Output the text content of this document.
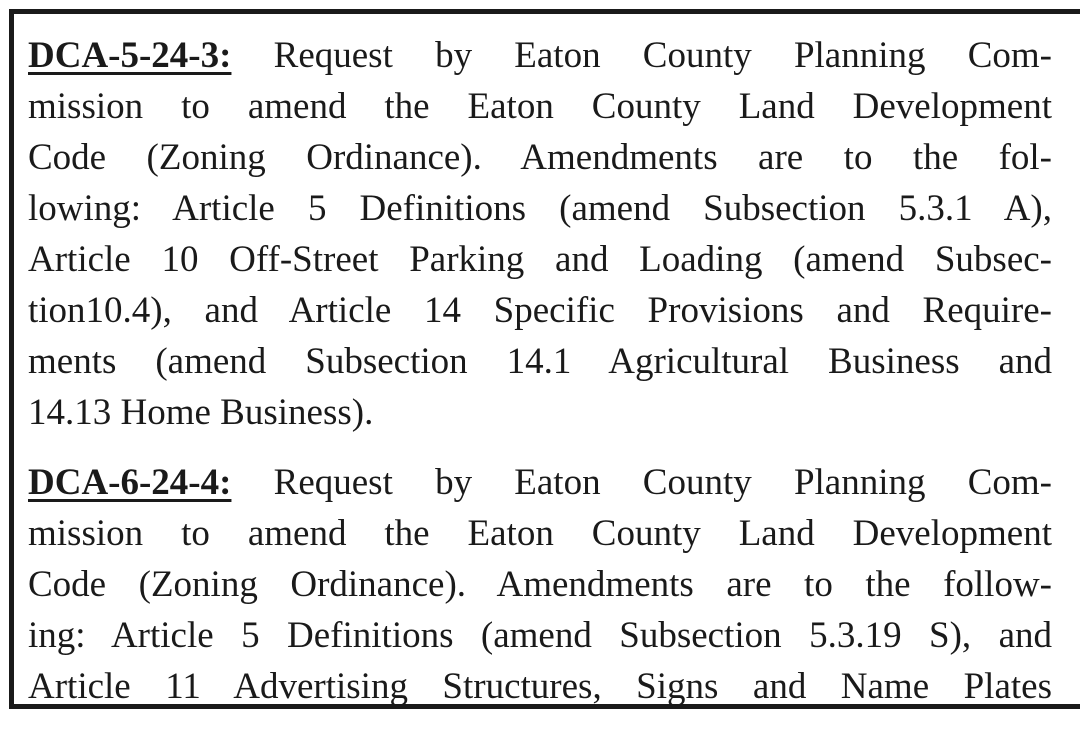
DCA-5-24-3: Request by Eaton County Planning Com-
mission to amend the Eaton County Land Development
Code (Zoning Ordinance). Amendments are to the fol-
lowing: Article 5 Definitions (amend Subsection 5.3.1 A),
Article 10 Off-Street Parking and Loading (amend Subsec-
tion10.4), and Article 14 Specific Provisions and Require-
ments (amend Subsection 14.1 Agricultural Business and
14.13 Home Business).
DCA-6-24-4: Request by Eaton County Planning Com-
mission to amend the Eaton County Land Development
Code (Zoning Ordinance). Amendments are to the follow-
ing: Article 5 Definitions (amend Subsection 5.3.19 S), and
Article 11 Advertising Structures, Signs and Name Plates
